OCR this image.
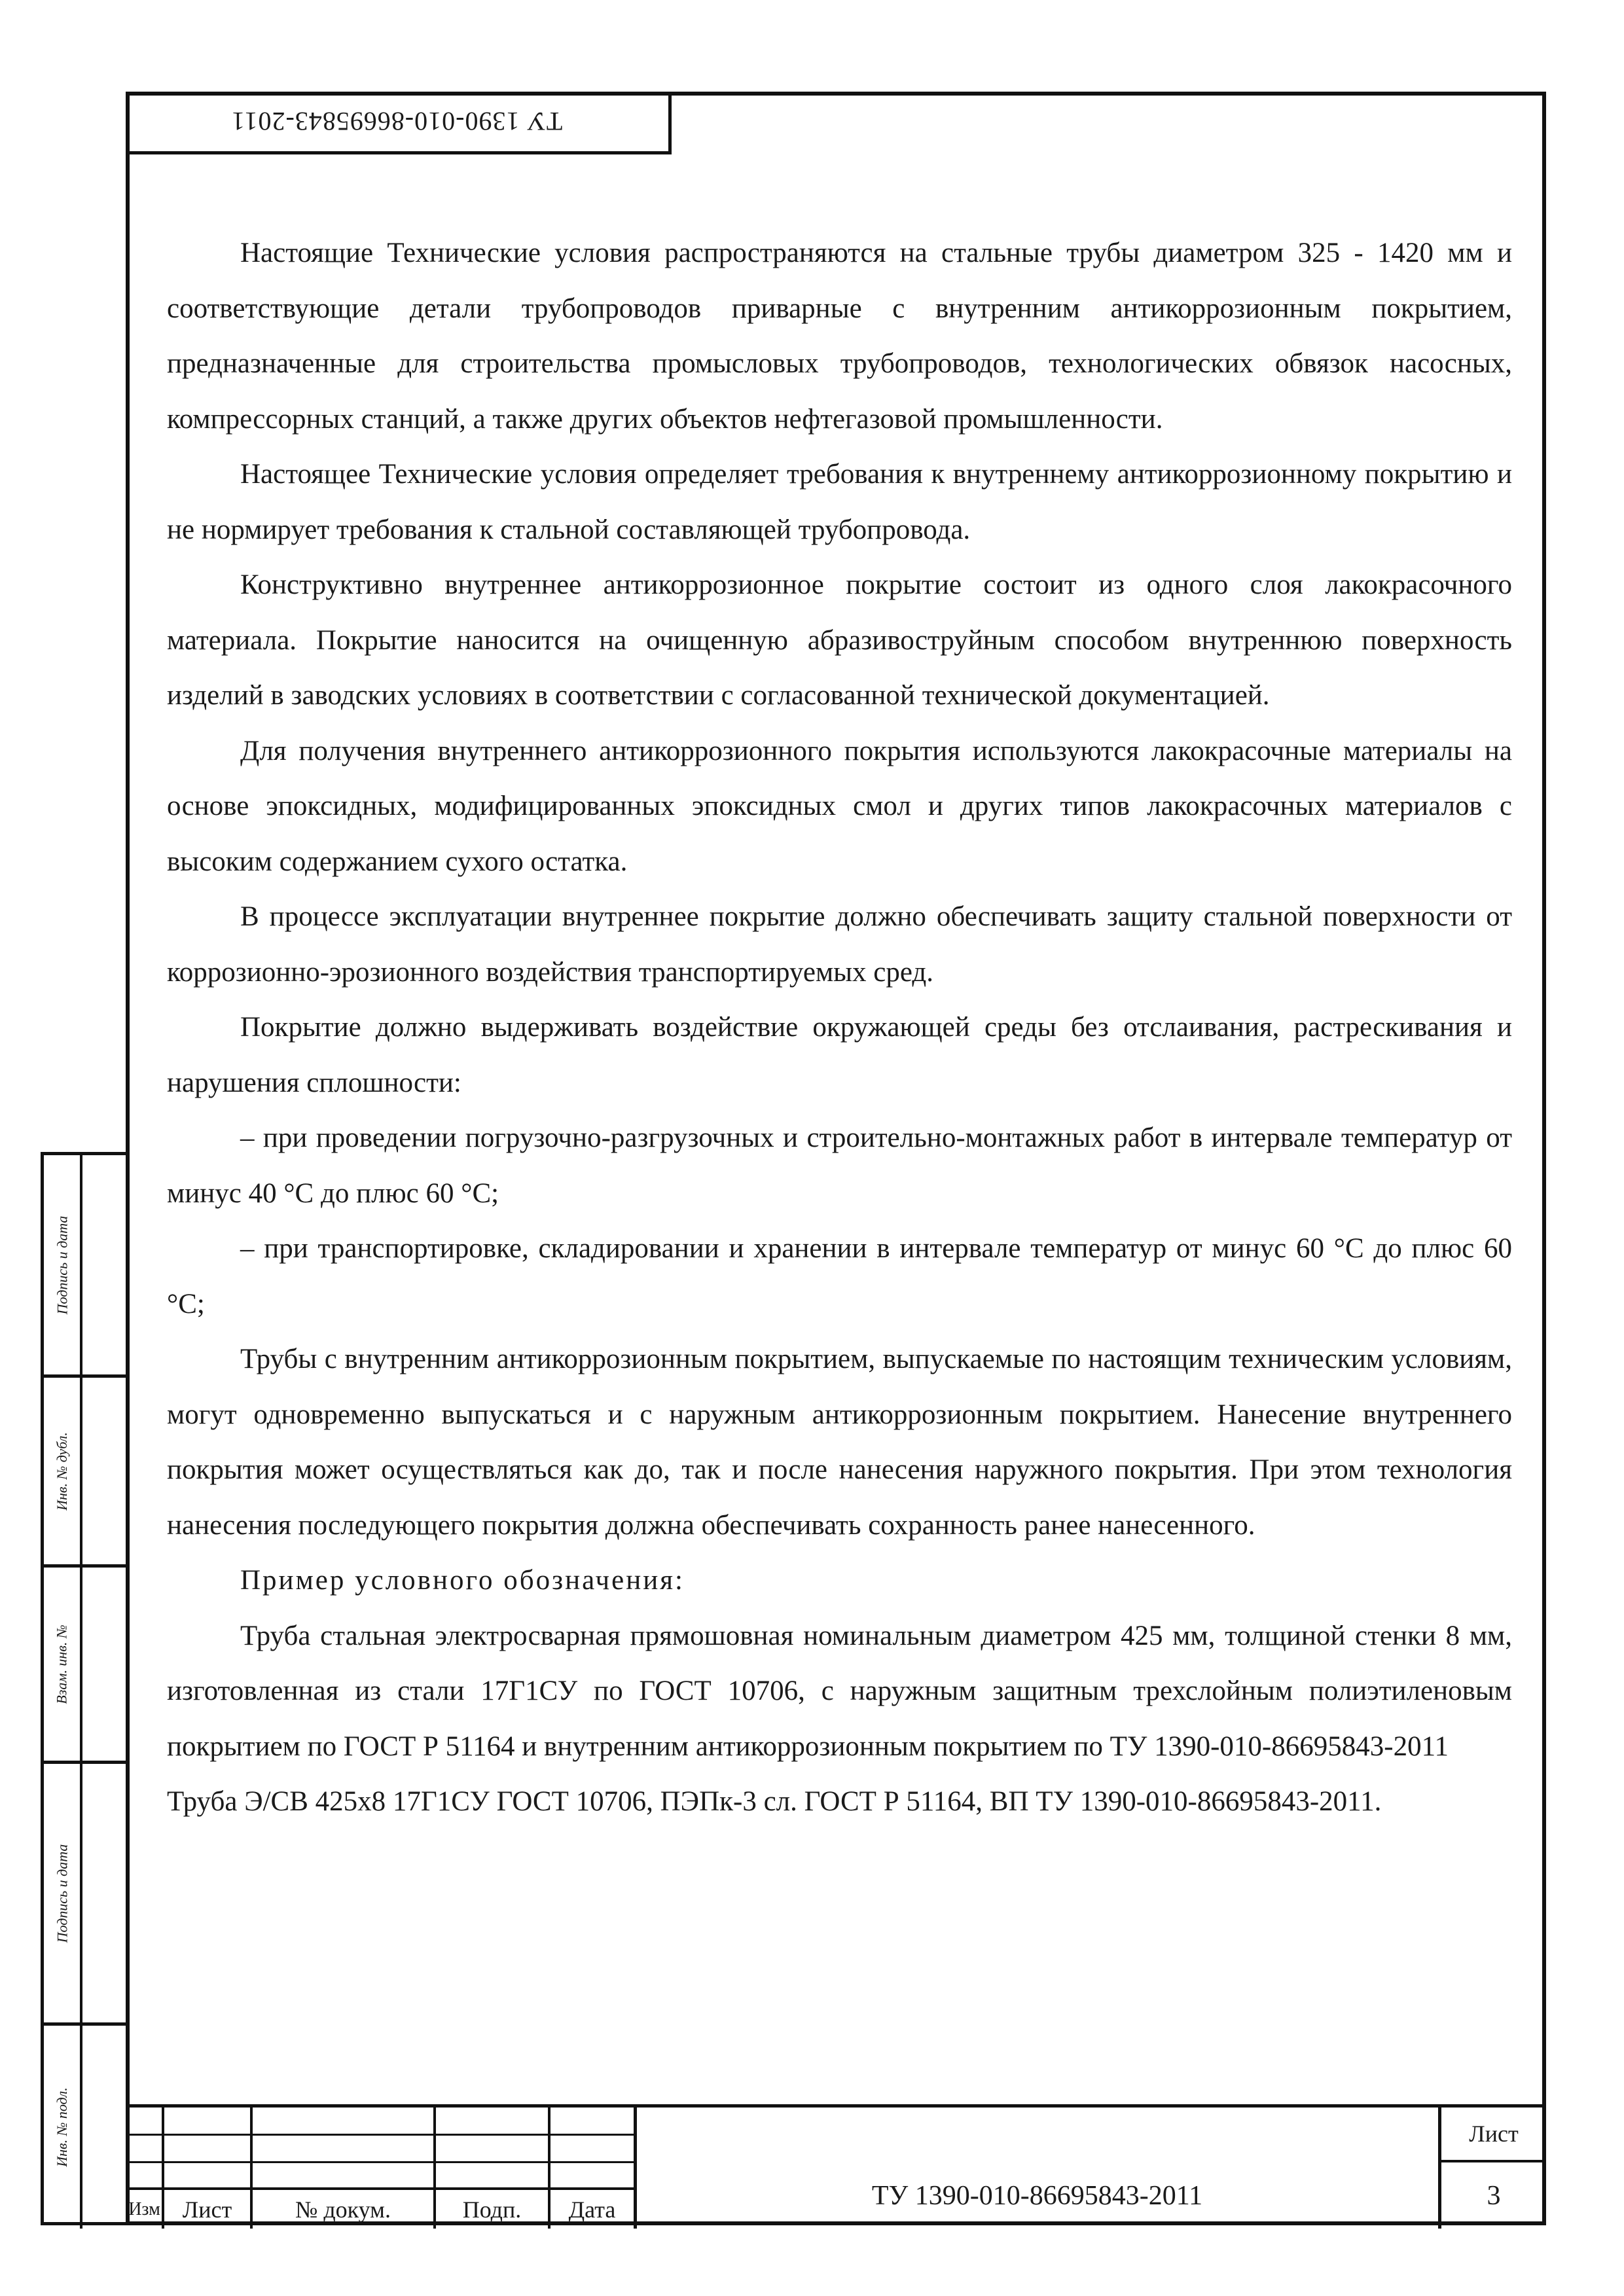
ТУ 1390-010-86695843-2011

Настоящие Технические условия распространяются на стальные трубы диаметром 325 - 1420 мм и соответствующие детали трубопроводов приварные с внутренним антикоррозионным покрытием, предназначенные для строительства промысловых трубопроводов, технологических обвязок насосных, компрессорных станций, а также других объектов нефтегазовой промышленности.

Настоящее Технические условия определяет требования к внутреннему антикоррозионному покрытию и не нормирует требования к стальной составляющей трубопровода.

Конструктивно внутреннее антикоррозионное покрытие состоит из одного слоя лакокрасочного материала. Покрытие наносится на очищенную абразивоструйным способом внутреннюю поверхность изделий в заводских условиях в соответствии с согласованной технической документацией.

Для получения внутреннего антикоррозионного покрытия используются лакокрасочные материалы на основе эпоксидных, модифицированных эпоксидных смол и других типов лакокрасочных материалов с высоким содержанием сухого остатка.

В процессе эксплуатации внутреннее покрытие должно обеспечивать защиту стальной поверхности от коррозионно-эрозионного воздействия транспортируемых сред.

Покрытие должно выдерживать воздействие окружающей среды без отслаивания, растрескивания и нарушения сплошности:

– при проведении погрузочно-разгрузочных и строительно-монтажных работ в интервале температур от минус 40 °С до плюс 60 °С;

– при транспортировке, складировании и хранении в интервале температур от минус 60 °С до плюс 60 °С;

Трубы с внутренним антикоррозионным покрытием, выпускаемые по настоящим техническим условиям, могут одновременно выпускаться и с наружным антикоррозионным покрытием. Нанесение внутреннего покрытия может осуществляться как до, так и после нанесения наружного покрытия. При этом технология нанесения последующего покрытия должна обеспечивать сохранность ранее нанесенного.

Пример условного обозначения:

Труба стальная электросварная прямошовная номинальным диаметром 425 мм, толщиной стенки 8 мм, изготовленная из стали 17Г1СУ по ГОСТ 10706, с наружным защитным трехслойным полиэтиленовым покрытием по ГОСТ Р 51164 и внутренним антикоррозионным покрытием по ТУ 1390-010-86695843-2011

Труба Э/СВ 425х8 17Г1СУ ГОСТ 10706, ПЭПк-3 сл. ГОСТ Р 51164, ВП ТУ 1390-010-86695843-2011.

Подпись и дата
Инв. № дубл.
Взам. инв. №
Подпись и дата
Инв. № подл.
Изм Лист	№ докум.	Подп.	Дата	ТУ 1390-010-86695843-2011
Лист
3
